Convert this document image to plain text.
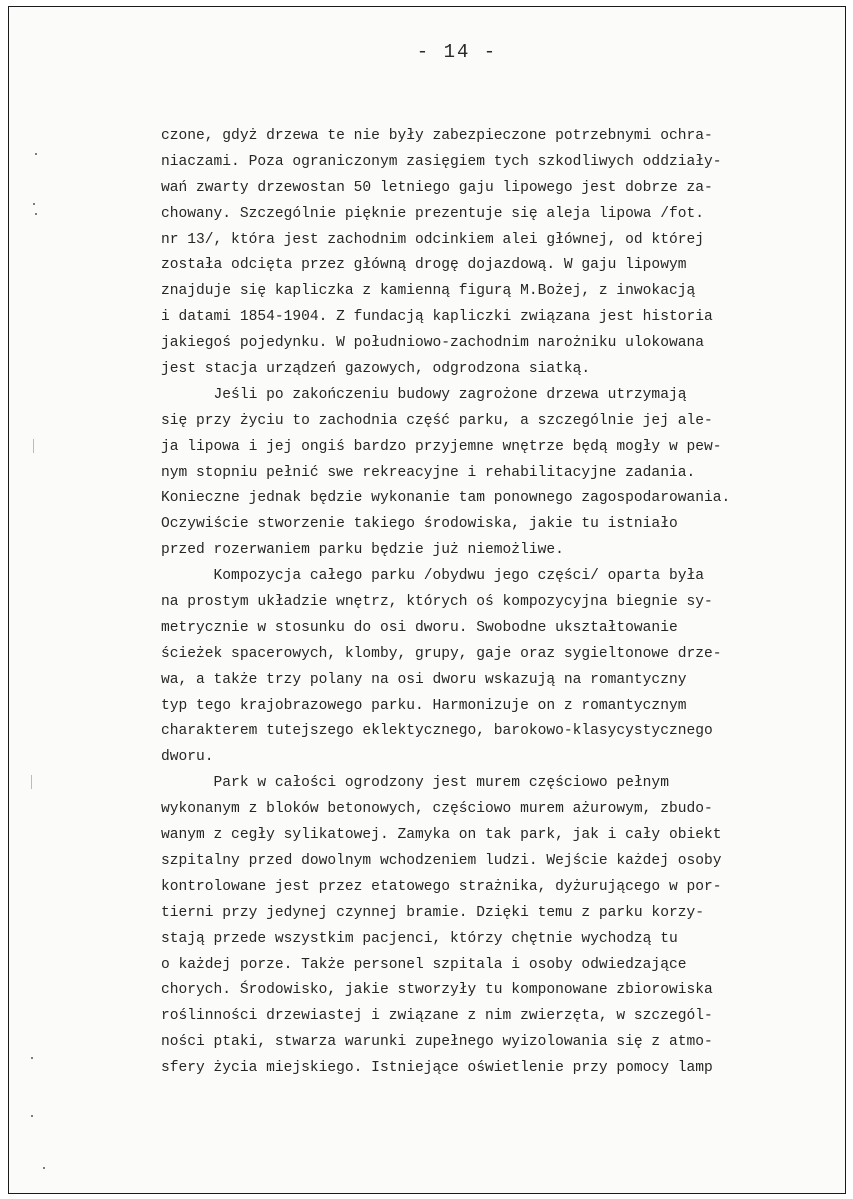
- 14 -
czone, gdyż drzewa te nie były zabezpieczone potrzebnymi ochra-
niaczami. Poza ograniczonym zasięgiem tych szkodliwych oddziały-
wań zwarty drzewostan 50 letniego gaju lipowego jest dobrze za-
chowany. Szczególnie pięknie prezentuje się aleja lipowa /fot.
nr 13/, która jest zachodnim odcinkiem alei głównej, od której
została odcięta przez główną drogę dojazdową. W gaju lipowym
znajduje się kapliczka z kamienną figurą M.Bożej, z inwokacją
i datami 1854-1904. Z fundacją kapliczki związana jest historia
jakiegoś pojedynku. W południowo-zachodnim narożniku ulokowana
jest stacja urządzeń gazowych, odgrodzona siatką.
Jeśli po zakończeniu budowy zagrożone drzewa utrzymają
się przy życiu to zachodnia część parku, a szczególnie jej ale-
ja lipowa i jej ongiś bardzo przyjemne wnętrze będą mogły w pew-
nym stopniu pełnić swe rekreacyjne i rehabilitacyjne zadania.
Konieczne jednak będzie wykonanie tam ponownego zagospodarowania.
Oczywiście stworzenie takiego środowiska, jakie tu istniało
przed rozerwaniem parku będzie już niemożliwe.
Kompozycja całego parku /obydwu jego części/ oparta była
na prostym układzie wnętrz, których oś kompozycyjna biegnie sy-
metrycznie w stosunku do osi dworu. Swobodne ukształtowanie
ścieżek spacerowych, klomby, grupy, gaje oraz sygieltonowe drze-
wa, a także trzy polany na osi dworu wskazują na romantyczny
typ tego krajobrazowego parku. Harmonizuje on z romantycznym
charakterem tutejszego eklektycznego, barokowo-klasycystycznego
dworu.
Park w całości ogrodzony jest murem częściowo pełnym
wykonanym z bloków betonowych, częściowo murem ażurowym, zbudo-
wanym z cegły sylikatowej. Zamyka on tak park, jak i cały obiekt
szpitalny przed dowolnym wchodzeniem ludzi. Wejście każdej osoby
kontrolowane jest przez etatowego strażnika, dyżurującego w por-
tierni przy jedynej czynnej bramie. Dzięki temu z parku korzy-
stają przede wszystkim pacjenci, którzy chętnie wychodzą tu
o każdej porze. Także personel szpitala i osoby odwiedzające
chorych. Środowisko, jakie stworzyły tu komponowane zbiorowiska
roślinności drzewiastej i związane z nim zwierzęta, w szczegól-
ności ptaki, stwarza warunki zupełnego wyizolowania się z atmo-
sfery życia miejskiego. Istniejące oświetlenie przy pomocy lamp
